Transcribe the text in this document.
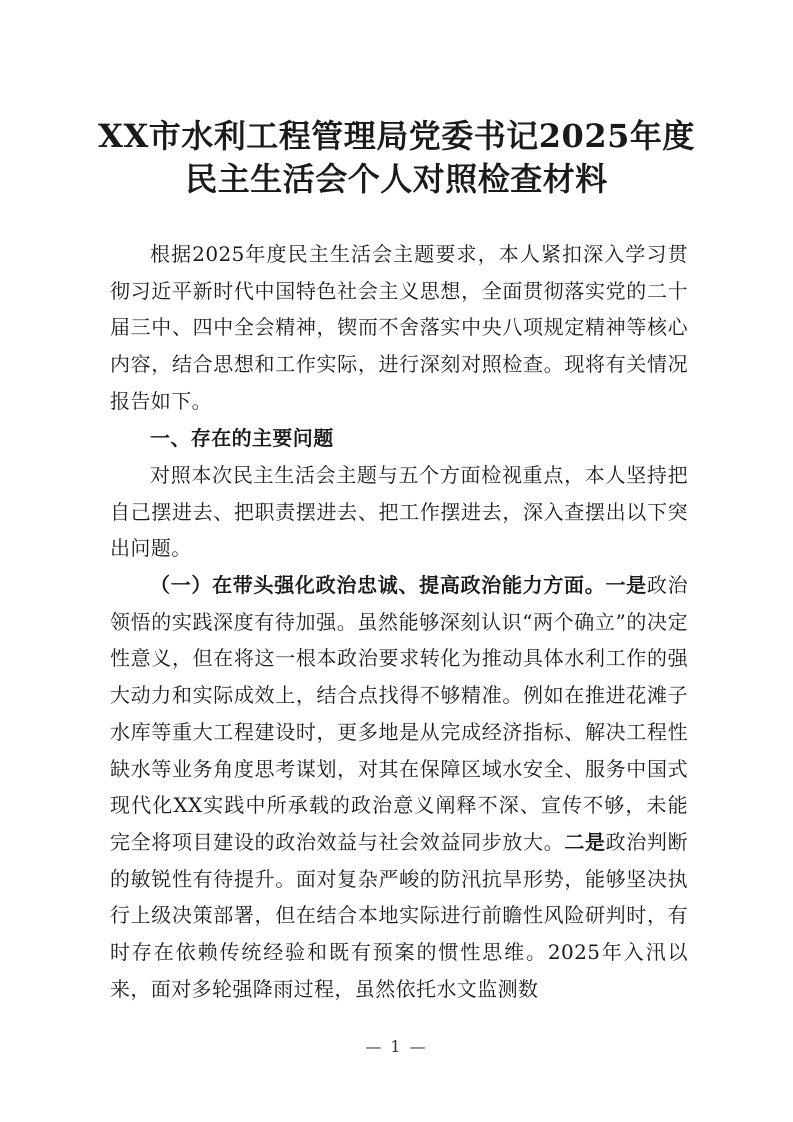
XX市水利工程管理局党委书记2025年度
民主生活会个人对照检查材料
根据2025年度民主生活会主题要求，本人紧扣深入学习贯彻习近平新时代中国特色社会主义思想，全面贯彻落实党的二十届三中、四中全会精神，锲而不舍落实中央八项规定精神等核心内容，结合思想和工作实际，进行深刻对照检查。现将有关情况报告如下。
一、存在的主要问题
对照本次民主生活会主题与五个方面检视重点，本人坚持把自己摆进去、把职责摆进去、把工作摆进去，深入查摆出以下突出问题。
（一）在带头强化政治忠诚、提高政治能力方面。一是政治领悟的实践深度有待加强。虽然能够深刻认识“两个确立”的决定性意义，但在将这一根本政治要求转化为推动具体水利工作的强大动力和实际成效上，结合点找得不够精准。例如在推进花滩子水库等重大工程建设时，更多地是从完成经济指标、解决工程性缺水等业务角度思考谋划，对其在保障区域水安全、服务中国式现代化XX实践中所承载的政治意义阐释不深、宣传不够，未能完全将项目建设的政治效益与社会效益同步放大。二是政治判断的敏锐性有待提升。面对复杂严峻的防汛抗旱形势，能够坚决执行上级决策部署，但在结合本地实际进行前瞻性风险研判时，有时存在依赖传统经验和既有预案的惯性思维。2025年入汛以来，面对多轮强降雨过程，虽然依托水文监测数
— 1 —
